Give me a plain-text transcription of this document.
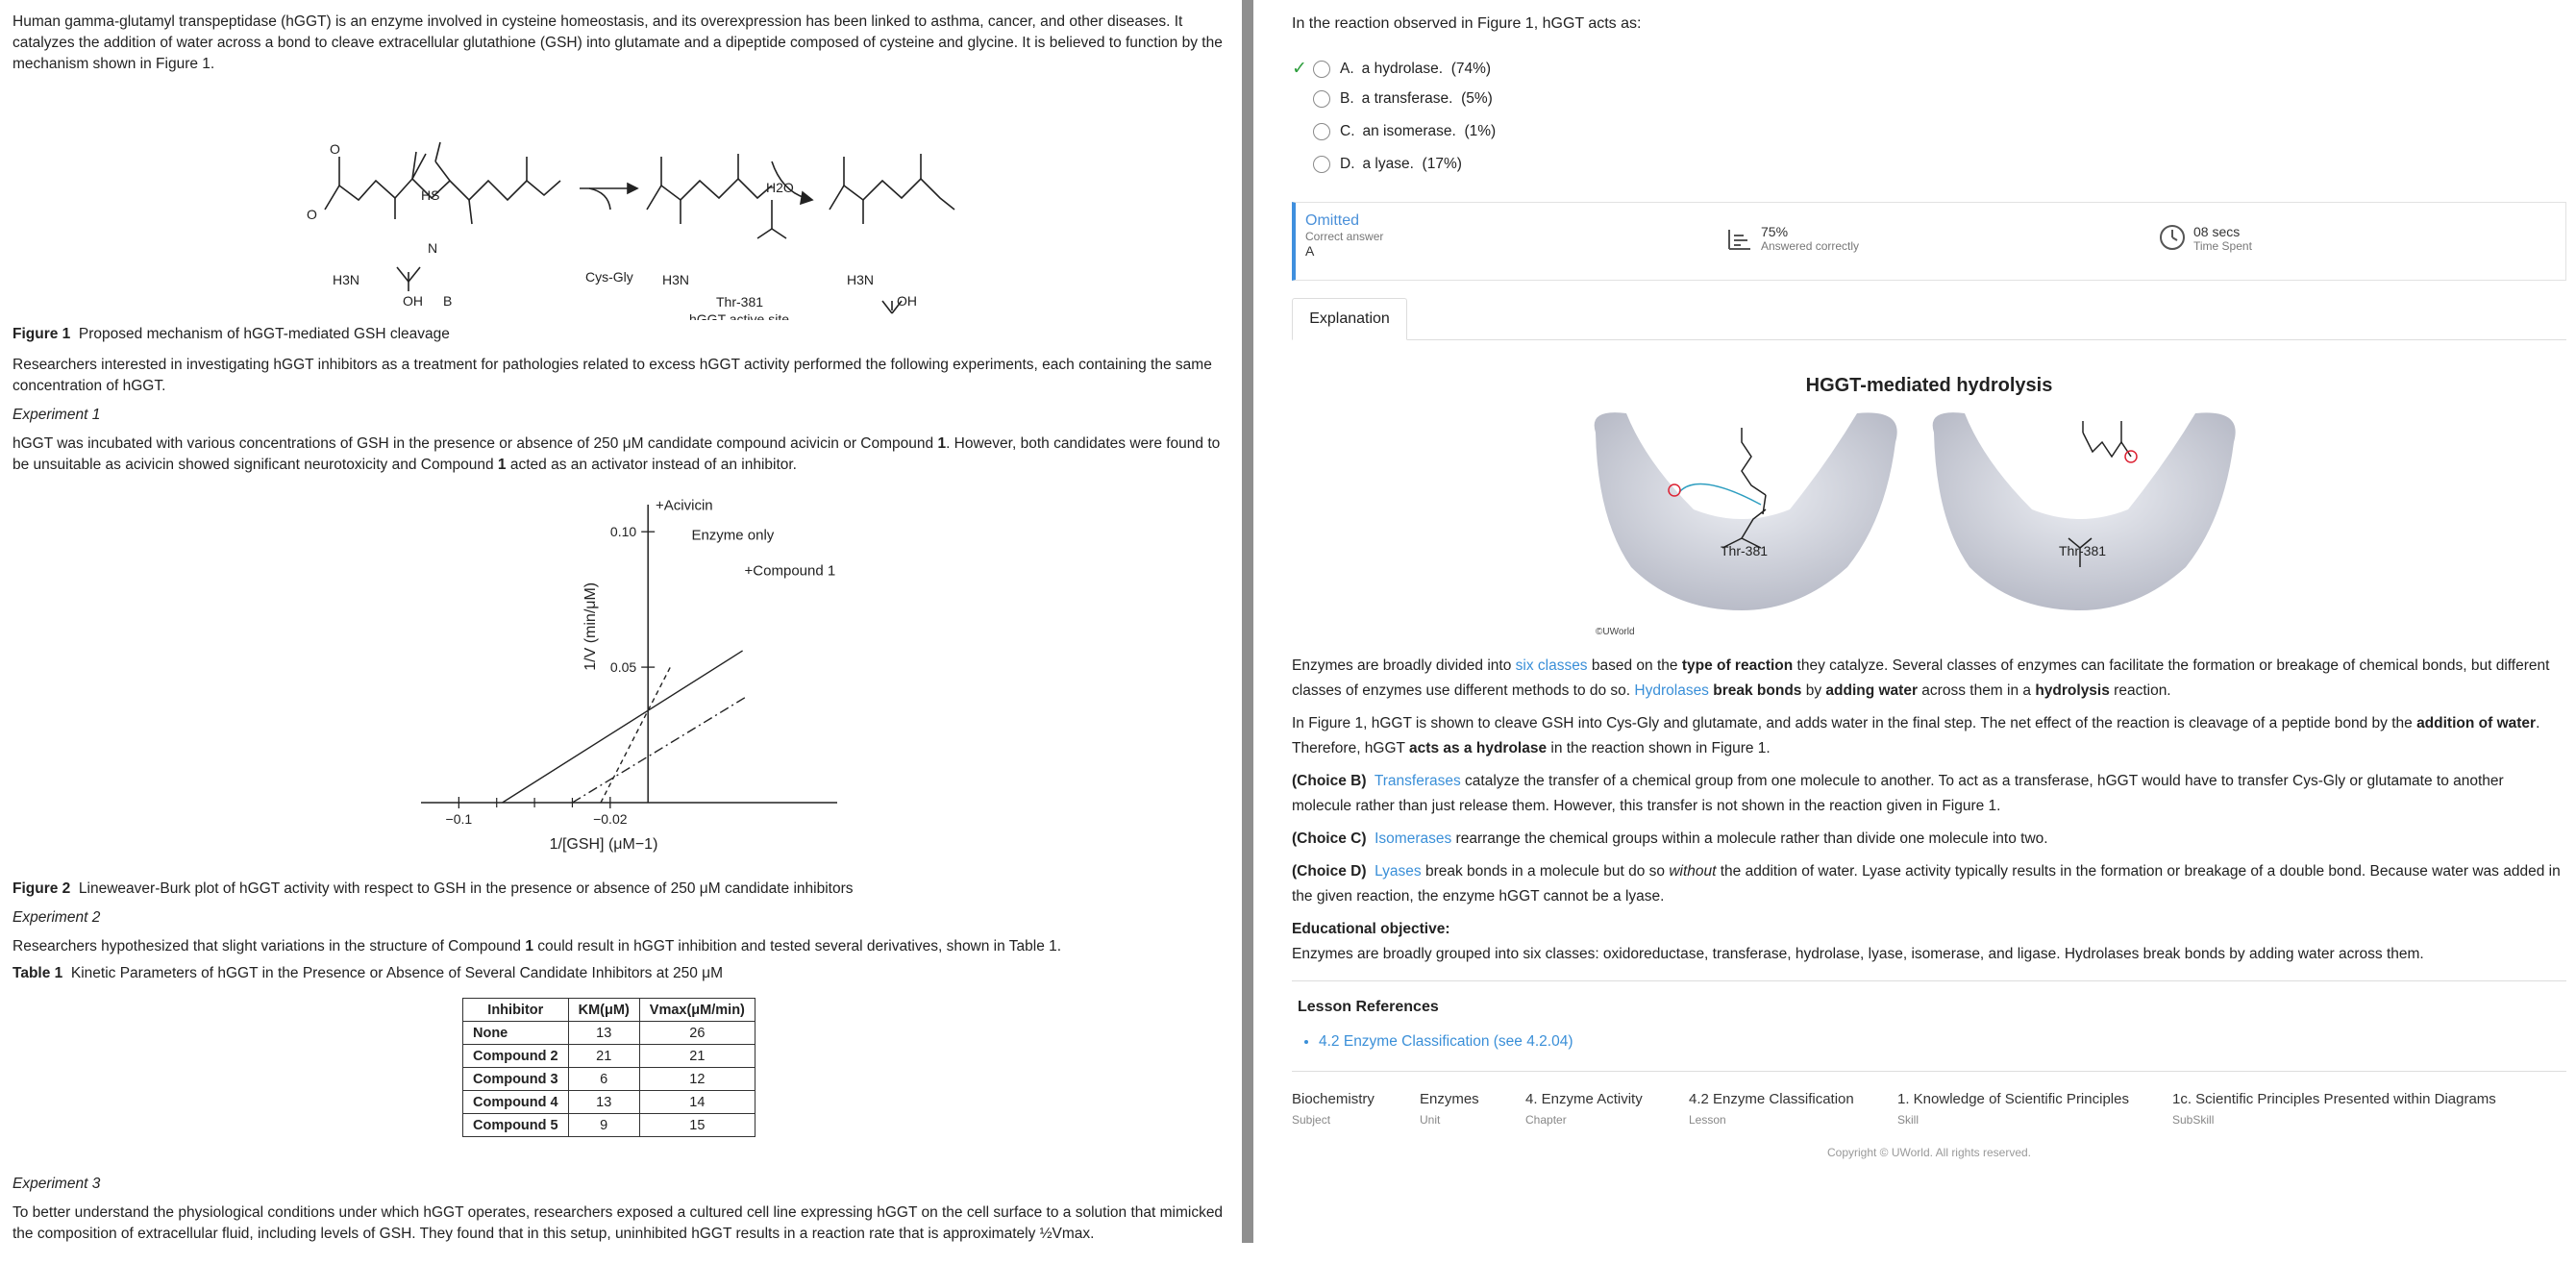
Human gamma-glutamyl transpeptidase (hGGT) is an enzyme involved in cysteine homeostasis, and its overexpression has been linked to asthma, cancer, and other diseases. It catalyzes the addition of water across a bond to cleave extracellular glutathione (GSH) into glutamate and a dipeptide composed of cysteine and glycine. It is believed to function by the mechanism shown in Figure 1.

O
O
HS
N
H3N
OH B
Cys-Gly H3N
Thr-381
hGGT active site
H2O
H3N
OH
Figure 1 Proposed mechanism of hGGT-mediated GSH cleavage

Researchers interested in investigating hGGT inhibitors as a treatment for pathologies related to excess hGGT activity performed the following experiments, each containing the same concentration of hGGT.

Experiment 1

hGGT was incubated with various concentrations of GSH in the presence or absence of 250 μM candidate compound acivicin or Compound 1. However, both candidates were found to be unsuitable as acivicin showed significant neurotoxicity and Compound 1 acted as an activator instead of an inhibitor.

−0.1	−0.02
0.10
0.05
1/[GSH] (μM−1)
1/V (min/μM)
Enzyme only
+Acivicin
+Compound 1
Figure 2 Lineweaver-Burk plot of hGGT activity with respect to GSH in the presence or absence of 250 μM candidate inhibitors
Experiment 2

Researchers hypothesized that slight variations in the structure of Compound 1 could result in hGGT inhibition and tested several derivatives, shown in Table 1.

Table 1 Kinetic Parameters of hGGT in the Presence or Absence of Several Candidate Inhibitors at 250 μM
Inhibitor	KM(μM)	Vmax(μM/min)
None	13	26
Compound 2	21	21
Compound 3	6	12
Compound 4	13	14
Compound 5	9	15
Experiment 3

To better understand the physiological conditions under which hGGT operates, researchers exposed a cultured cell line expressing hGGT on the cell surface to a solution that mimicked the composition of extracellular fluid, including levels of GSH. They found that in this setup, uninhibited hGGT results in a reaction rate that is approximately ½Vmax.

In the reaction observed in Figure 1, hGGT acts as:
✓	A. a hydrolase.
(74%)
B. a transferase.
(5%)
C. an isomerase.
(1%)
D. a lyase.
(17%)
Omitted
Correct answer
A
75%
Answered correctly
08 secs
Time Spent
Explanation
HGGT-mediated hydrolysis
Thr-381	Thr-381
©UWorld

Enzymes are broadly divided into six classes based on the type of reaction they catalyze. Several classes of enzymes can facilitate the formation or breakage of chemical bonds, but different classes of enzymes use different methods to do so. Hydrolases break bonds by adding water across them in a hydrolysis reaction.

In Figure 1, hGGT is shown to cleave GSH into Cys-Gly and glutamate, and adds water in the final step. The net effect of the reaction is cleavage of a peptide bond by the addition of water. Therefore, hGGT acts as a hydrolase in the reaction shown in Figure 1.

(Choice B) Transferases catalyze the transfer of a chemical group from one molecule to another. To act as a transferase, hGGT would have to transfer Cys-Gly or glutamate to another molecule rather than just release them. However, this transfer is not shown in the reaction given in Figure 1.

(Choice C) Isomerases rearrange the chemical groups within a molecule rather than divide one molecule into two.

(Choice D) Lyases break bonds in a molecule but do so without the addition of water. Lyase activity typically results in the formation or breakage of a double bond. Because water was added in the given reaction, the enzyme hGGT cannot be a lyase.

Educational objective:
Enzymes are broadly grouped into six classes: oxidoreductase, transferase, hydrolase, lyase, isomerase, and ligase. Hydrolases break bonds by adding water across them.
Lesson References
• 4.2 Enzyme Classification (see 4.2.04)
Biochemistry
Subject
Enzymes
Unit
4. Enzyme Activity
Chapter
4.2 Enzyme Classification
Lesson
1. Knowledge of Scientific Principles
Skill
1c. Scientific Principles Presented within Diagrams
SubSkill
Copyright © UWorld. All rights reserved.
